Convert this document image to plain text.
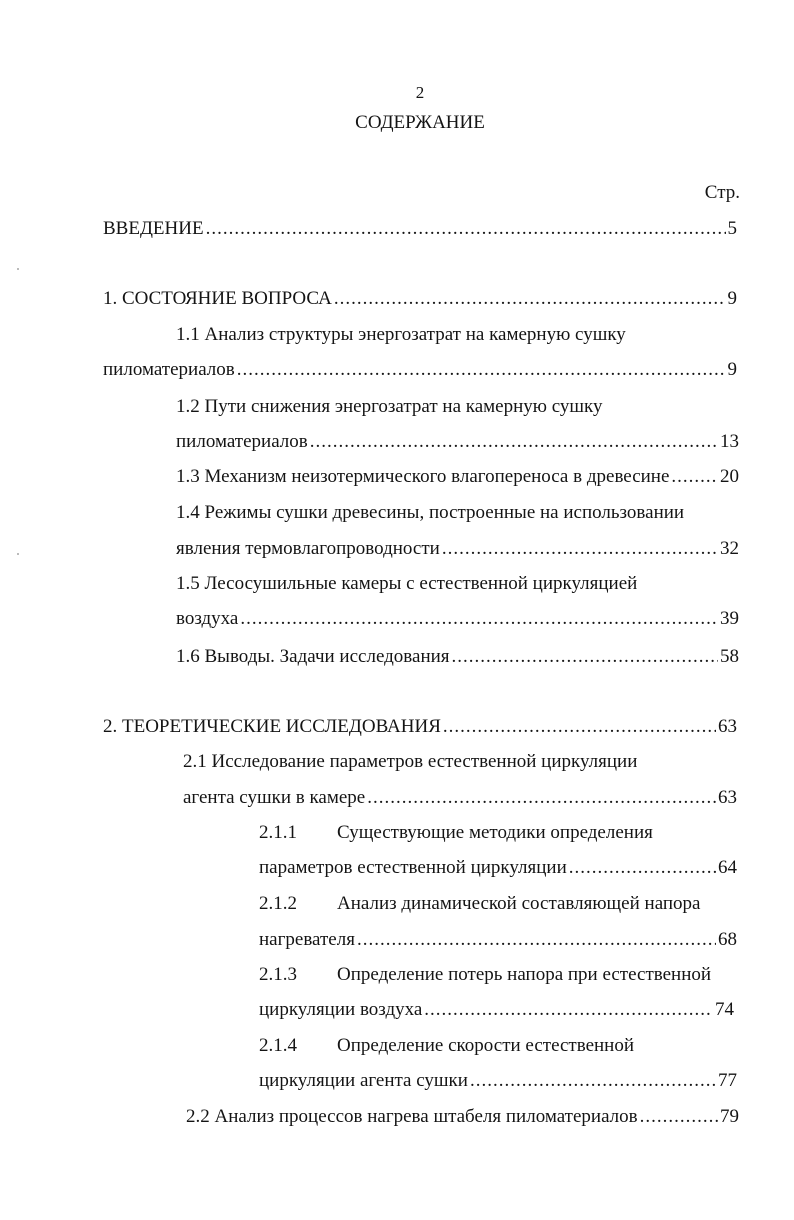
2
СОДЕРЖАНИЕ
Стр.
ВВЕДЕНИЕ .....	5
1. СОСТОЯНИЕ ВОПРОСА .....	9
1.1 Анализ структуры энергозатрат на камерную сушку
пиломатериалов .....	9
1.2 Пути снижения энергозатрат на камерную сушку
пиломатериалов .....	13
1.3 Механизм неизотермического влагопереноса в древесине .....	20
1.4 Режимы сушки древесины, построенные на использовании
явления термовлагопроводности .....	32
1.5 Лесосушильные камеры с естественной циркуляцией
воздуха .....	39
1.6 Выводы. Задачи исследования .....	58
2. ТЕОРЕТИЧЕСКИЕ ИССЛЕДОВАНИЯ .....	63
2.1 Исследование параметров естественной циркуляции
агента сушки в камере .....	63
2.1.1 Существующие методики определения
параметров естественной циркуляции .....	64
2.1.2 Анализ динамической составляющей напора
нагревателя .....	68
2.1.3 Определение потерь напора при естественной
циркуляции воздуха .....	74
2.1.4 Определение скорости естественной
циркуляции агента сушки .....	77
2.2 Анализ процессов нагрева штабеля пиломатериалов .....	79
